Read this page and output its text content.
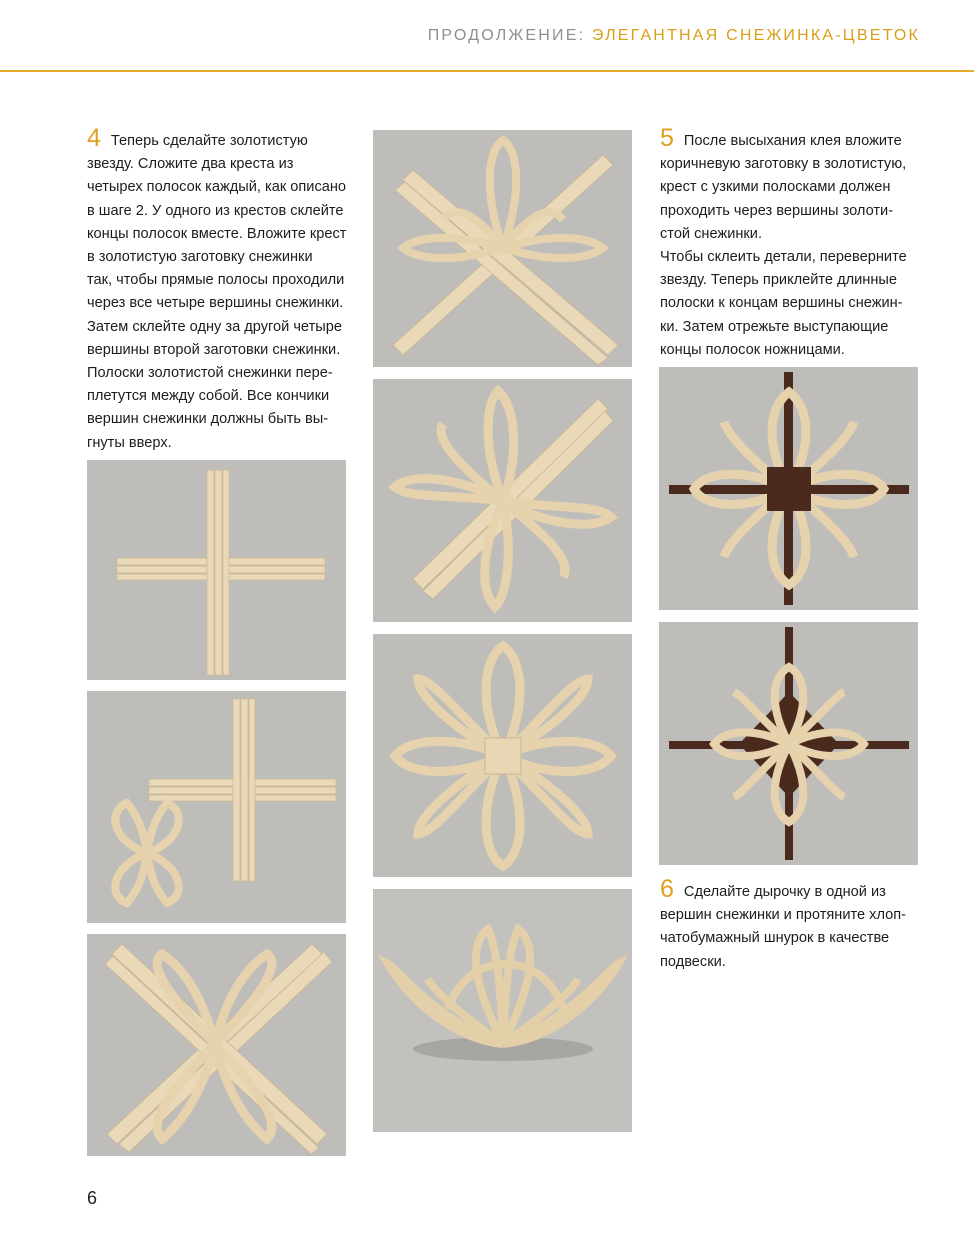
ПРОДОЛЖЕНИЕ: ЭЛЕГАНТНАЯ СНЕЖИНКА-ЦВЕТОК
4 Теперь сделайте золотистую
звезду. Сложите два креста из
четырех полосок каждый, как описано
в шаге 2. У одного из крестов склейте
концы полосок вместе. Вложите крест
в золотистую заготовку снежинки
так, чтобы прямые полосы проходили
через все четыре вершины снежинки.
Затем склейте одну за другой четыре
вершины второй заготовки снежинки.
Полоски золотистой снежинки пере-
плетутся между собой. Все кончики
вершин снежинки должны быть вы-
гнуты вверх.
5 После высыхания клея вложите
коричневую заготовку в золотистую,
крест с узкими полосками должен
проходить через вершины золоти-
стой снежинки.
Чтобы склеить детали, переверните
звезду. Теперь приклейте длинные
полоски к концам вершины снежин-
ки. Затем отрежьте выступающие
концы полосок ножницами.
6 Сделайте дырочку в одной из
вершин снежинки и протяните хлоп-
чатобумажный шнурок в качестве
подвески.
6
